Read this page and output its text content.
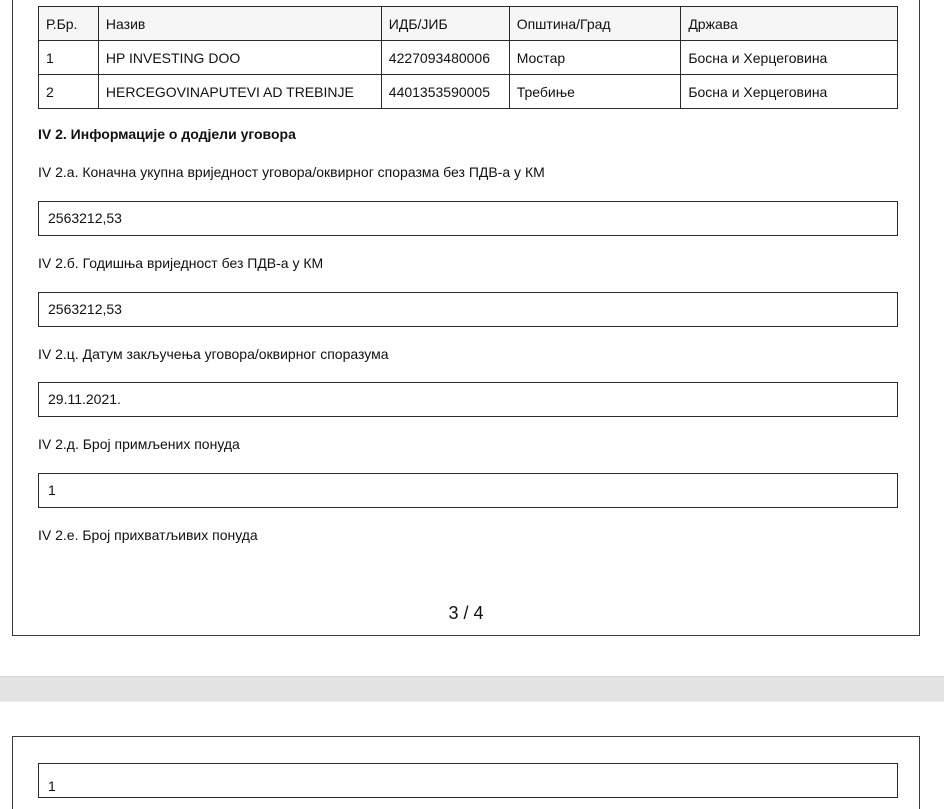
Р.Бр.	Назив	ИДБ/ЈИБ	Општина/Град	Држава
1	HP INVESTING DOO	4227093480006	Мостар	Босна и Херцеговина
2	HERCEGOVINAPUTEVI AD TREBINJE	4401353590005	Требиње	Босна и Херцеговина
IV 2. Информације о додјели уговора
IV 2.а. Коначна укупна вриједност уговора/оквирног споразма без ПДВ-а у КМ
2563212,53
IV 2.б. Годишња вриједност без ПДВ-а у КМ
2563212,53
IV 2.ц. Датум закључења уговора/оквирног споразума
29.11.2021.
IV 2.д. Број примљених понуда
1
IV 2.е. Број прихватљивих понуда
3 / 4
1
